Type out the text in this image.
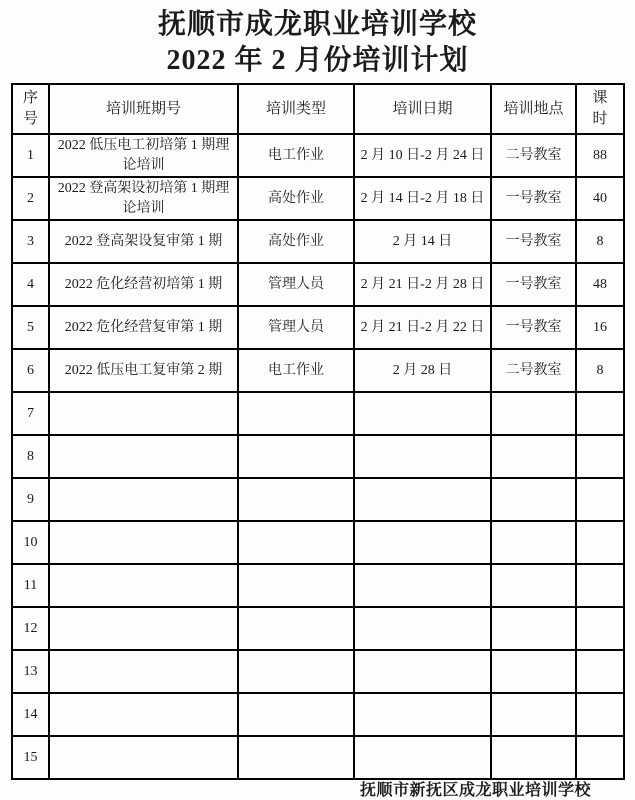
抚顺市成龙职业培训学校
2022 年 2 月份培训计划
序号	培训班期号	培训类型	培训日期	培训地点	课时
1	2022 低压电工初培第 1 期理论培训	电工作业	2 月 10 日-2 月 24 日	二号教室	88
2	2022 登高架设初培第 1 期理论培训	高处作业	2 月 14 日-2 月 18 日	一号教室	40
3	2022 登高架设复审第 1 期	高处作业	2 月 14 日	一号教室	8
4	2022 危化经营初培第 1 期	管理人员	2 月 21 日-2 月 28 日	一号教室	48
5	2022 危化经营复审第 1 期	管理人员	2 月 21 日-2 月 22 日	一号教室	16
6	2022 低压电工复审第 2 期	电工作业	2 月 28 日	二号教室	8
7					
8					
9					
10					
11					
12					
13					
14					
15					
抚顺市新抚区成龙职业培训学校
